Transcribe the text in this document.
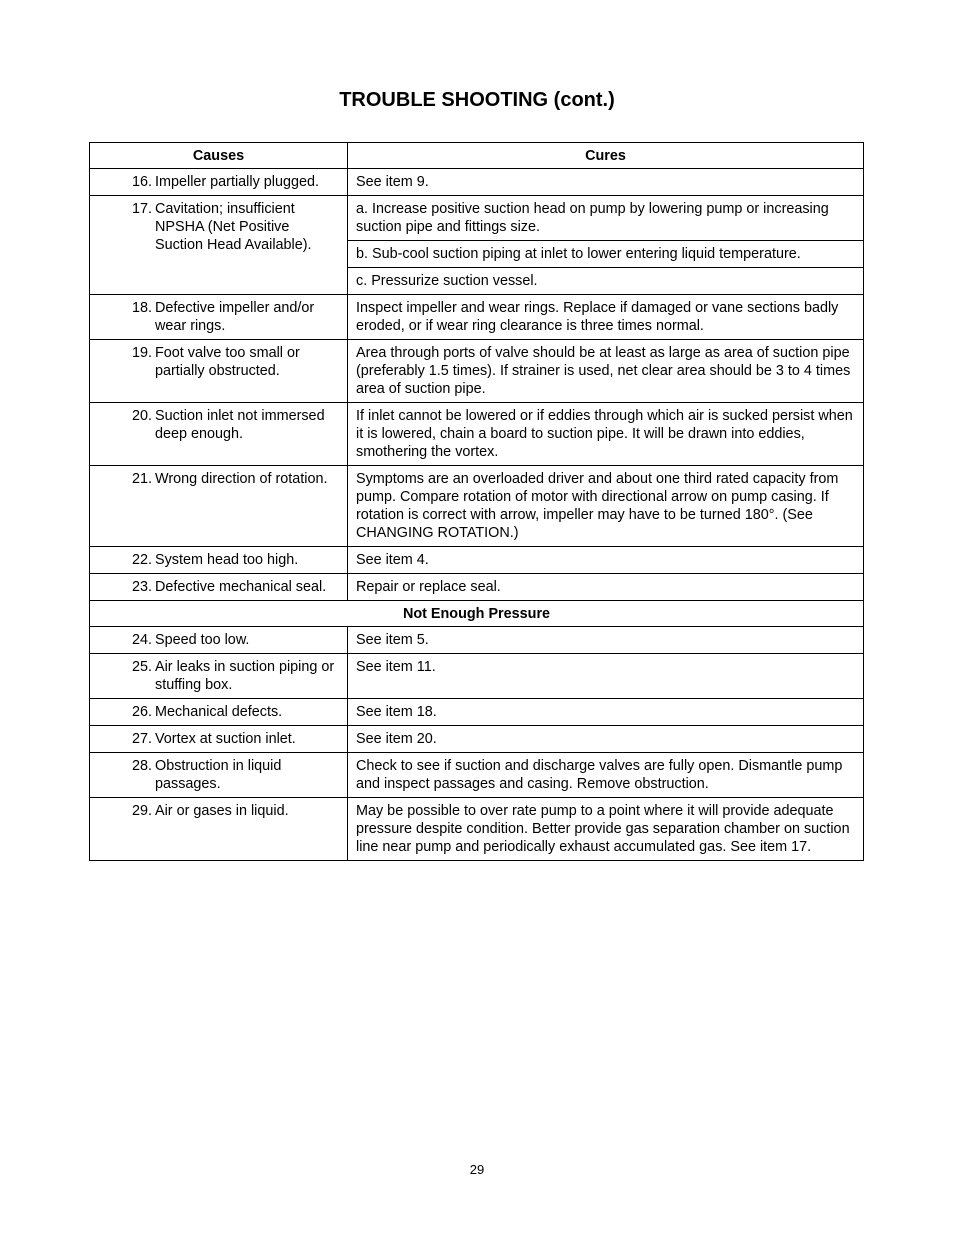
TROUBLE SHOOTING (cont.)
Causes	Cures

16. Impeller partially plugged.	See item 9.

17. Cavitation; insufficient NPSHA (Net Positive Suction Head Available).	a. Increase positive suction head on pump by lowering pump or increasing suction pipe and fittings size.
	b. Sub-cool suction piping at inlet to lower entering liquid temperature.
	c. Pressurize suction vessel.

18. Defective impeller and/or wear rings.	Inspect impeller and wear rings. Replace if damaged or vane sections badly eroded, or if wear ring clearance is three times normal.

19. Foot valve too small or partially obstructed.	Area through ports of valve should be at least as large as area of suction pipe (preferably 1.5 times). If strainer is used, net clear area should be 3 to 4 times area of suction pipe.

20. Suction inlet not immersed deep enough.	If inlet cannot be lowered or if eddies through which air is sucked persist when it is lowered, chain a board to suction pipe. It will be drawn into eddies, smothering the vortex.

21. Wrong direction of rotation.	Symptoms are an overloaded driver and about one third rated capacity from pump. Compare rotation of motor with directional arrow on pump casing. If rotation is correct with arrow, impeller may have to be turned 180°. (See CHANGING ROTATION.)

22. System head too high.	See item 4.

23. Defective mechanical seal.	Repair or replace seal.
Not Enough Pressure	

24. Speed too low.	See item 5.

25. Air leaks in suction piping or stuffing box.	See item 11.

26. Mechanical defects.	See item 18.

27. Vortex at suction inlet.	See item 20.

28. Obstruction in liquid passages.	Check to see if suction and discharge valves are fully open. Dismantle pump and inspect passages and casing. Remove obstruction.

29. Air or gases in liquid.	May be possible to over rate pump to a point where it will provide adequate pressure despite condition. Better provide gas separation chamber on suction line near pump and periodically exhaust accumulated gas. See item 17.
29
